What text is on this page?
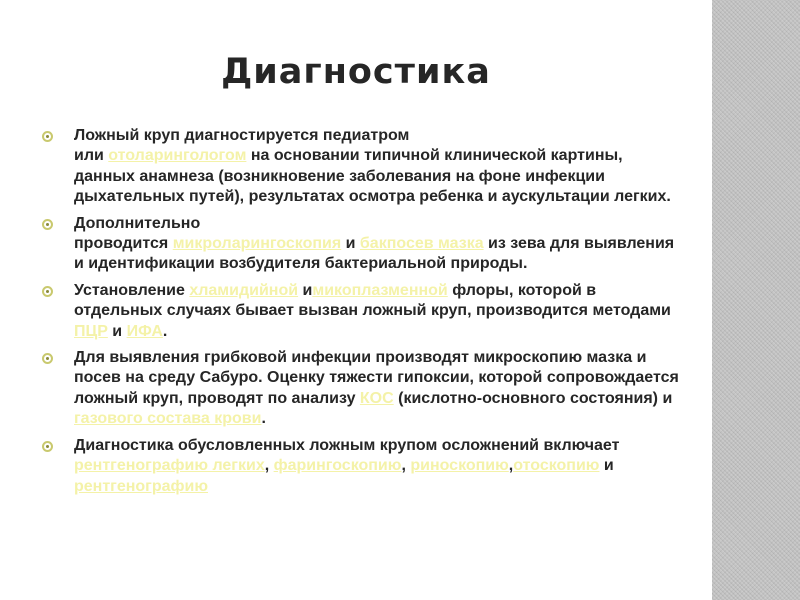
Диагностика
Ложный круп диагностируется педиатром
или отоларингологом на основании типичной клинической картины, данных анамнеза (возникновение заболевания на фоне инфекции дыхательных путей), результатах осмотра ребенка и аускультации легких.
Дополнительно
проводится микроларингоскопия и бакпосев мазка из зева для выявления и идентификации возбудителя бактериальной природы.
Установление хламидийной имикоплазменной флоры, которой в отдельных случаях бывает вызван ложный круп, производится методами ПЦР и ИФА.
Для выявления грибковой инфекции производят микроскопию мазка и посев на среду Сабуро. Оценку тяжести гипоксии, которой сопровождается ложный круп, проводят по анализу КОС (кислотно-основного состояния) и газового состава крови.
Диагностика обусловленных ложным крупом осложнений включает рентгенографию легких, фарингоскопию, риноскопию,отоскопию и рентгенографию
